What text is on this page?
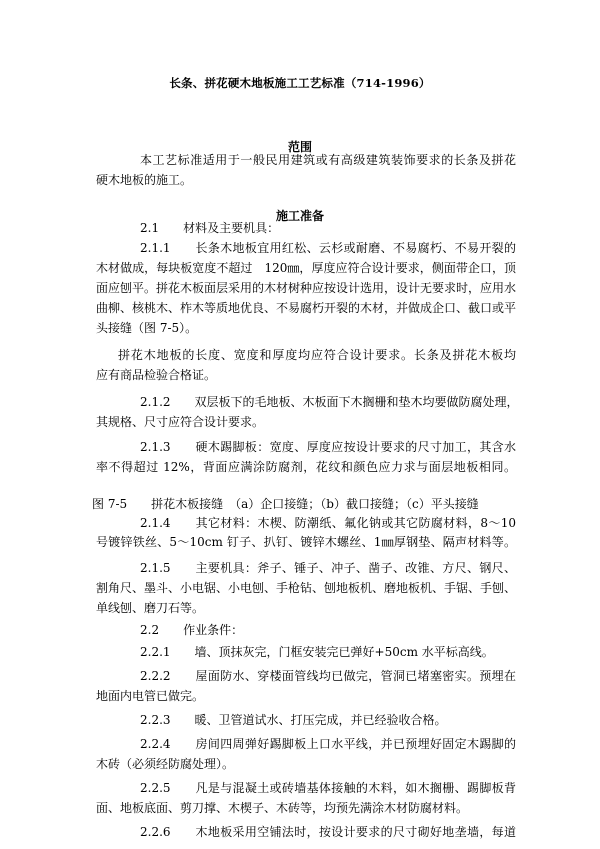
长条、拼花硬木地板施工工艺标准（714-1996）
范围
本工艺标准适用于一般民用建筑或有高级建筑装饰要求的长条及拼花
硬木地板的施工。
施工准备
2.1　　材料及主要机具：
2.1.1　　长条木地板宜用红松、云杉或耐磨、不易腐朽、不易开裂的
木材做成，每块板宽度不超过　120㎜，厚度应符合设计要求，侧面带企口，顶
面应刨平。拼花木板面层采用的木材树种应按设计选用，设计无要求时，应用水
曲柳、核桃木、柞木等质地优良、不易腐朽开裂的木材，并做成企口、截口或平
头接缝（图 7-5）。
拼花木地板的长度、宽度和厚度均应符合设计要求。长条及拼花木板均
应有商品检验合格证。
2.1.2　　双层板下的毛地板、木板面下木搁栅和垫木均要做防腐处理，
其规格、尺寸应符合设计要求。
2.1.3　　硬木踢脚板：宽度、厚度应按设计要求的尺寸加工，其含水
率不得超过 12%，背面应满涂防腐剂，花纹和颜色应力求与面层地板相同。
图 7-5　　拼花木板接缝　（a）企口接缝；（b）截口接缝；（c）平头接缝
2.1.4　　其它材料：木楔、防潮纸、氟化钠或其它防腐材料，8～10
号镀锌铁丝、5～10cm 钉子、扒钉、镀锌木螺丝、1㎜厚钢垫、隔声材料等。
2.1.5　　主要机具：斧子、锤子、冲子、凿子、改锥、方尺、钢尺、
割角尺、墨斗、小电锯、小电刨、手枪钻、刨地板机、磨地板机、手锯、手刨、
单线刨、磨刀石等。
2.2　　作业条件：
2.2.1　　墙、顶抹灰完，门框安装完已弹好+50cm 水平标高线。
2.2.2　　屋面防水、穿楼面管线均已做完，管洞已堵塞密实。预埋在
地面内电管已做完。
2.2.3　　暖、卫管道试水、打压完成，并已经验收合格。
2.2.4　　房间四周弹好踢脚板上口水平线，并已预埋好固定木踢脚的
木砖（必须经防腐处理）。
2.2.5　　凡是与混凝土或砖墙基体接触的木料，如木搁栅、踢脚板背
面、地板底面、剪刀撑、木楔子、木砖等，均预先满涂木材防腐材料。
2.2.6　　木地板采用空铺法时，按设计要求的尺寸砌好地垄墙，每道
